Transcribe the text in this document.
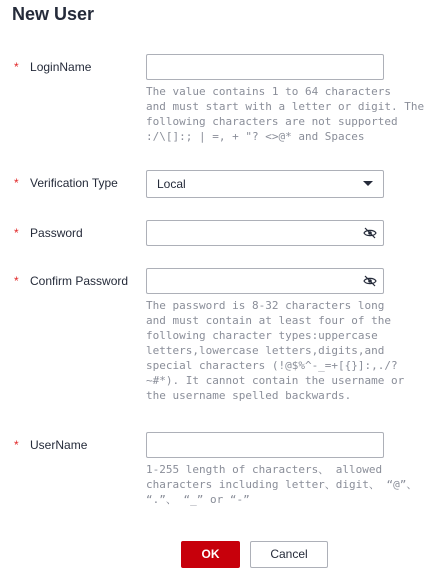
New User
* LoginName
The value contains 1 to 64 characters
and must start with a letter or digit. The
following characters are not supported
:/\[]:; | =, + "? <>@* and Spaces
* Verification Type	Local
* Password
* Confirm Password
The password is 8-32 characters long
and must contain at least four of the
following character types:uppercase
letters,lowercase letters,digits,and
special characters (!@$%^-_=+[{}]:,./?
~#*). It cannot contain the username or
the username spelled backwards.
* UserName
1-255 length of characters、 allowed
characters including letter、digit、 “@”、
“.”、 “_” or “-”
OK	Cancel
